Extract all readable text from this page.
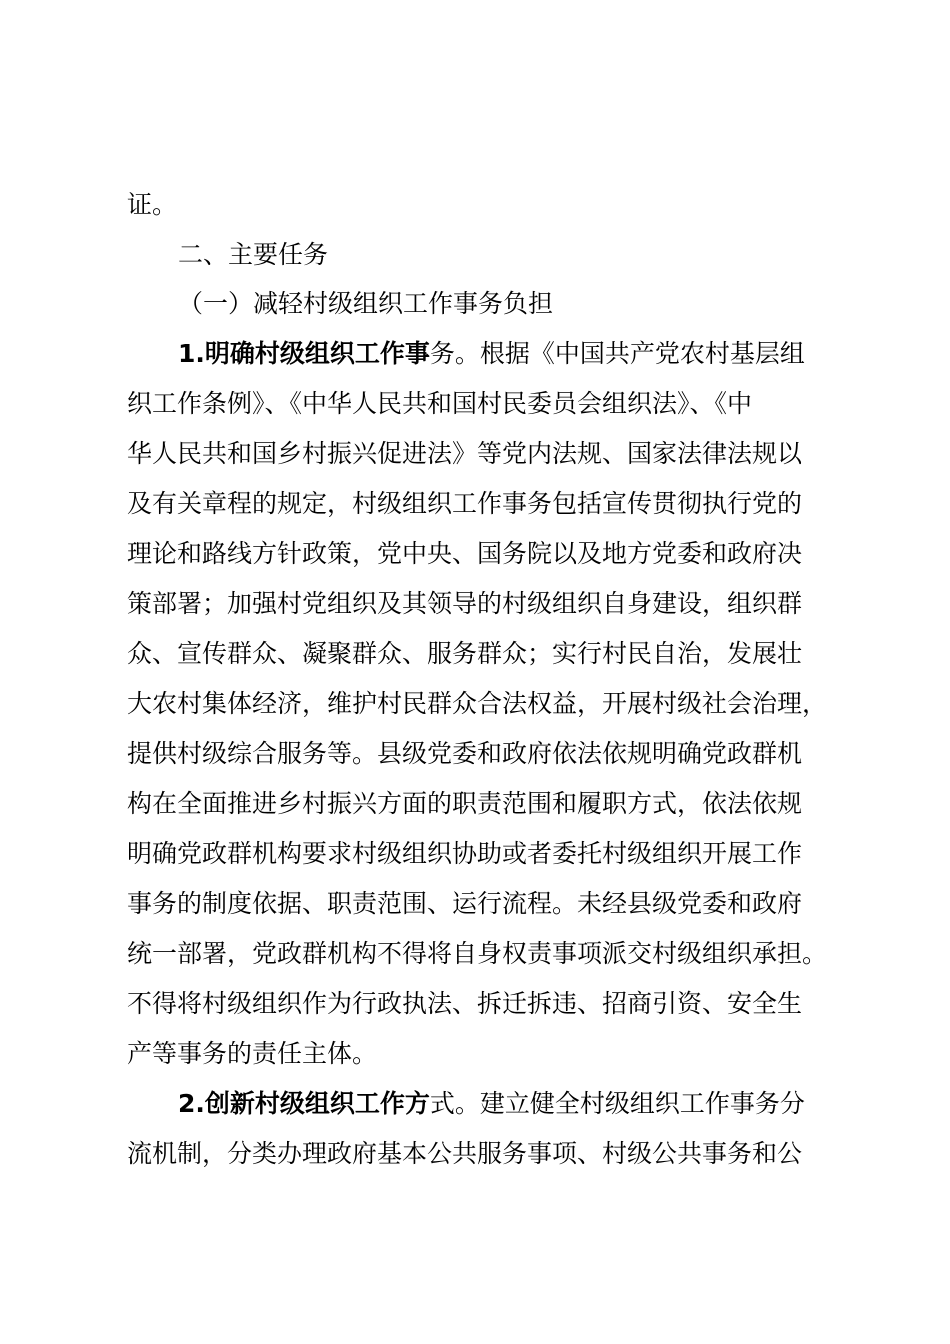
证。
二、主要任务
（一）减轻村级组织工作事务负担
1.明确村级组织工作事务。根据《中国共产党农村基层组
织工作条例》、《中华人民共和国村民委员会组织法》、《中
华人民共和国乡村振兴促进法》等党内法规、国家法律法规以
及有关章程的规定，村级组织工作事务包括宣传贯彻执行党的
理论和路线方针政策，党中央、国务院以及地方党委和政府决
策部署；加强村党组织及其领导的村级组织自身建设，组织群
众、宣传群众、凝聚群众、服务群众；实行村民自治，发展壮
大农村集体经济，维护村民群众合法权益，开展村级社会治理，
提供村级综合服务等。县级党委和政府依法依规明确党政群机
构在全面推进乡村振兴方面的职责范围和履职方式，依法依规
明确党政群机构要求村级组织协助或者委托村级组织开展工作
事务的制度依据、职责范围、运行流程。未经县级党委和政府
统一部署，党政群机构不得将自身权责事项派交村级组织承担。
不得将村级组织作为行政执法、拆迁拆违、招商引资、安全生
产等事务的责任主体。
2.创新村级组织工作方式。建立健全村级组织工作事务分
流机制，分类办理政府基本公共服务事项、村级公共事务和公
